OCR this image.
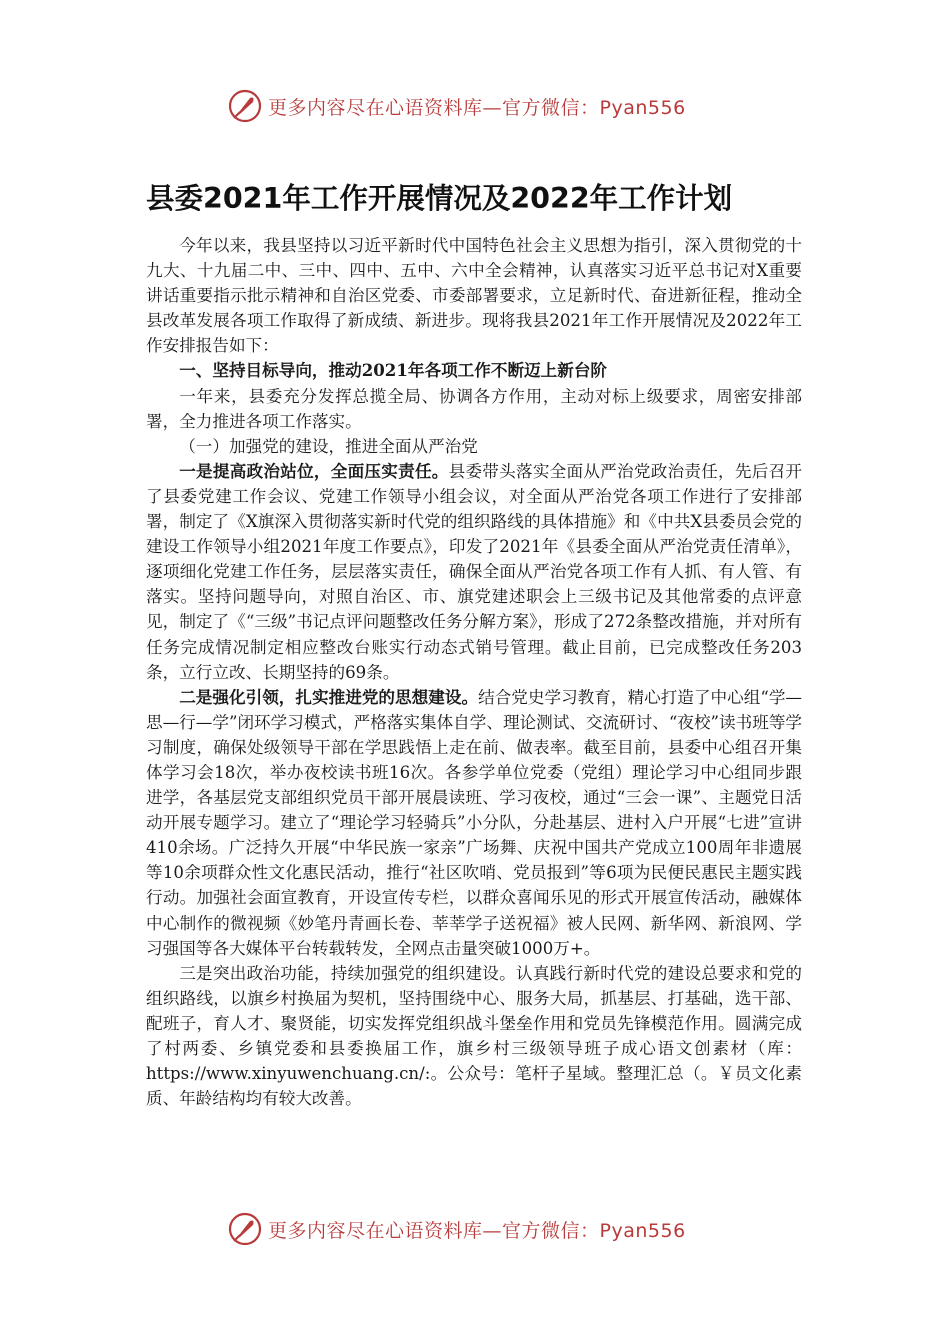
更多内容尽在心语资料库—官方微信：Pyan556
县委2021年工作开展情况及2022年工作计划

今年以来，我县坚持以习近平新时代中国特色社会主义思想为指引，深入贯彻党的十九大、十九届二中、三中、四中、五中、六中全会精神，认真落实习近平总书记对X重要讲话重要指示批示精神和自治区党委、市委部署要求，立足新时代、奋进新征程，推动全县改革发展各项工作取得了新成绩、新进步。现将我县2021年工作开展情况及2022年工作安排报告如下：

一、坚持目标导向，推动2021年各项工作不断迈上新台阶

一年来，县委充分发挥总揽全局、协调各方作用，主动对标上级要求，周密安排部署，全力推进各项工作落实。

（一）加强党的建设，推进全面从严治党

一是提高政治站位，全面压实责任。县委带头落实全面从严治党政治责任，先后召开了县委党建工作会议、党建工作领导小组会议，对全面从严治党各项工作进行了安排部署，制定了《X旗深入贯彻落实新时代党的组织路线的具体措施》和《中共X县委员会党的建设工作领导小组2021年度工作要点》，印发了2021年《县委全面从严治党责任清单》，逐项细化党建工作任务，层层落实责任，确保全面从严治党各项工作有人抓、有人管、有落实。坚持问题导向，对照自治区、市、旗党建述职会上三级书记及其他常委的点评意见，制定了《“三级”书记点评问题整改任务分解方案》，形成了272条整改措施，并对所有任务完成情况制定相应整改台账实行动态式销号管理。截止目前，已完成整改任务203条，立行立改、长期坚持的69条。

二是强化引领，扎实推进党的思想建设。结合党史学习教育，精心打造了中心组“学—思—行—学”闭环学习模式，严格落实集体自学、理论测试、交流研讨、“夜校”读书班等学习制度，确保处级领导干部在学思践悟上走在前、做表率。截至目前，县委中心组召开集体学习会18次，举办夜校读书班16次。各参学单位党委（党组）理论学习中心组同步跟进学，各基层党支部组织党员干部开展晨读班、学习夜校，通过“三会一课”、主题党日活动开展专题学习。建立了“理论学习轻骑兵”小分队，分赴基层、进村入户开展“七进”宣讲410余场。广泛持久开展“中华民族一家亲”广场舞、庆祝中国共产党成立100周年非遗展等10余项群众性文化惠民活动，推行“社区吹哨、党员报到”等6项为民便民惠民主题实践行动。加强社会面宣教育，开设宣传专栏，以群众喜闻乐见的形式开展宣传活动，融媒体中心制作的微视频《妙笔丹青画长卷、莘莘学子送祝福》被人民网、新华网、新浪网、学习强国等各大媒体平台转载转发，全网点击量突破1000万+。

三是突出政治功能，持续加强党的组织建设。认真践行新时代党的建设总要求和党的组织路线，以旗乡村换届为契机，坚持围绕中心、服务大局，抓基层、打基础，选干部、配班子，育人才、聚贤能，切实发挥党组织战斗堡垒作用和党员先锋模范作用。圆满完成了村两委、乡镇党委和县委换届工作，旗乡村三级领导班子成心语文创素材（库：https://www.xinyuwenchuang.cn/:。公众号：笔杆子星域。整理汇总（。￥员文化素质、年龄结构均有较大改善。

更多内容尽在心语资料库—官方微信：Pyan556
